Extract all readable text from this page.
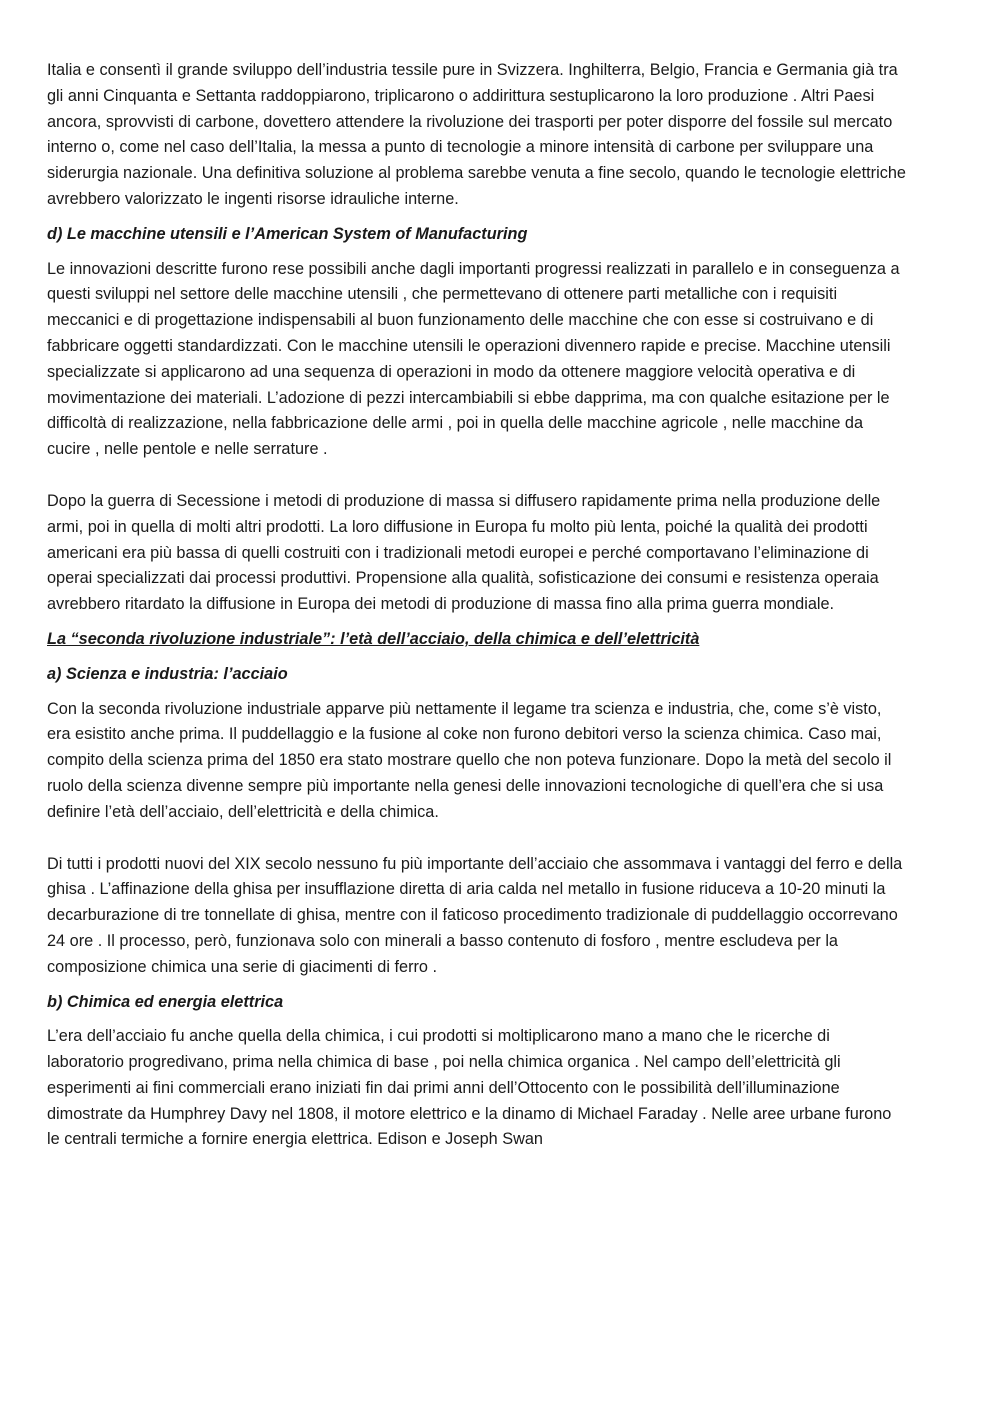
Italia e consentì il grande sviluppo dell’industria tessile pure in Svizzera. Inghilterra, Belgio, Francia e Germania già tra gli anni Cinquanta e Settanta raddoppiarono, triplicarono o addirittura sestuplicarono la loro produzione . Altri Paesi ancora, sprovvisti di carbone, dovettero attendere la rivoluzione dei trasporti per poter disporre del fossile sul mercato interno o, come nel caso dell’Italia, la messa a punto di tecnologie a minore intensità di carbone per sviluppare una siderurgia nazionale. Una definitiva soluzione al problema sarebbe venuta a fine secolo, quando le tecnologie elettriche avrebbero valorizzato le ingenti risorse idrauliche interne.

d) Le macchine utensili e l’American System of Manufacturing

Le innovazioni descritte furono rese possibili anche dagli importanti progressi realizzati in parallelo e in conseguenza a questi sviluppi nel settore delle macchine utensili , che permettevano di ottenere parti metalliche con i requisiti meccanici e di progettazione indispensabili al buon funzionamento delle macchine che con esse si costruivano e di fabbricare oggetti standardizzati. Con le macchine utensili le operazioni divennero rapide e precise. Macchine utensili specializzate si applicarono ad una sequenza di operazioni in modo da ottenere maggiore velocità operativa e di movimentazione dei materiali. L’adozione di pezzi intercambiabili si ebbe dapprima, ma con qualche esitazione per le difficoltà di realizzazione, nella fabbricazione delle armi , poi in quella delle macchine agricole , nelle macchine da cucire , nelle pentole e nelle serrature .

Dopo la guerra di Secessione i metodi di produzione di massa si diffusero rapidamente prima nella produzione delle armi, poi in quella di molti altri prodotti. La loro diffusione in Europa fu molto più lenta, poiché la qualità dei prodotti americani era più bassa di quelli costruiti con i tradizionali metodi europei e perché comportavano l’eliminazione di operai specializzati dai processi produttivi. Propensione alla qualità, sofisticazione dei consumi e resistenza operaia avrebbero ritardato la diffusione in Europa dei metodi di produzione di massa fino alla prima guerra mondiale.

La “seconda rivoluzione industriale”: l’età dell’acciaio, della chimica e dell’elettricità

a) Scienza e industria: l’acciaio

Con la seconda rivoluzione industriale apparve più nettamente il legame tra scienza e industria, che, come s’è visto, era esistito anche prima. Il puddellaggio e la fusione al coke non furono debitori verso la scienza chimica. Caso mai, compito della scienza prima del 1850 era stato mostrare quello che non poteva funzionare. Dopo la metà del secolo il ruolo della scienza divenne sempre più importante nella genesi delle innovazioni tecnologiche di quell’era che si usa definire l’età dell’acciaio, dell’elettricità e della chimica.

Di tutti i prodotti nuovi del XIX secolo nessuno fu più importante dell’acciaio che assommava i vantaggi del ferro e della ghisa . L’affinazione della ghisa per insufflazione diretta di aria calda nel metallo in fusione riduceva a 10-20 minuti la decarburazione di tre tonnellate di ghisa, mentre con il faticoso procedimento tradizionale di puddellaggio occorrevano 24 ore . Il processo, però, funzionava solo con minerali a basso contenuto di fosforo , mentre escludeva per la composizione chimica una serie di giacimenti di ferro .

b) Chimica ed energia elettrica

L’era dell’acciaio fu anche quella della chimica, i cui prodotti si moltiplicarono mano a mano che le ricerche di laboratorio progredivano, prima nella chimica di base , poi nella chimica organica . Nel campo dell’elettricità gli esperimenti ai fini commerciali erano iniziati fin dai primi anni dell’Ottocento con le possibilità dell’illuminazione dimostrate da Humphrey Davy nel 1808, il motore elettrico e la dinamo di Michael Faraday . Nelle aree urbane furono le centrali termiche a fornire energia elettrica. Edison e Joseph Swan
